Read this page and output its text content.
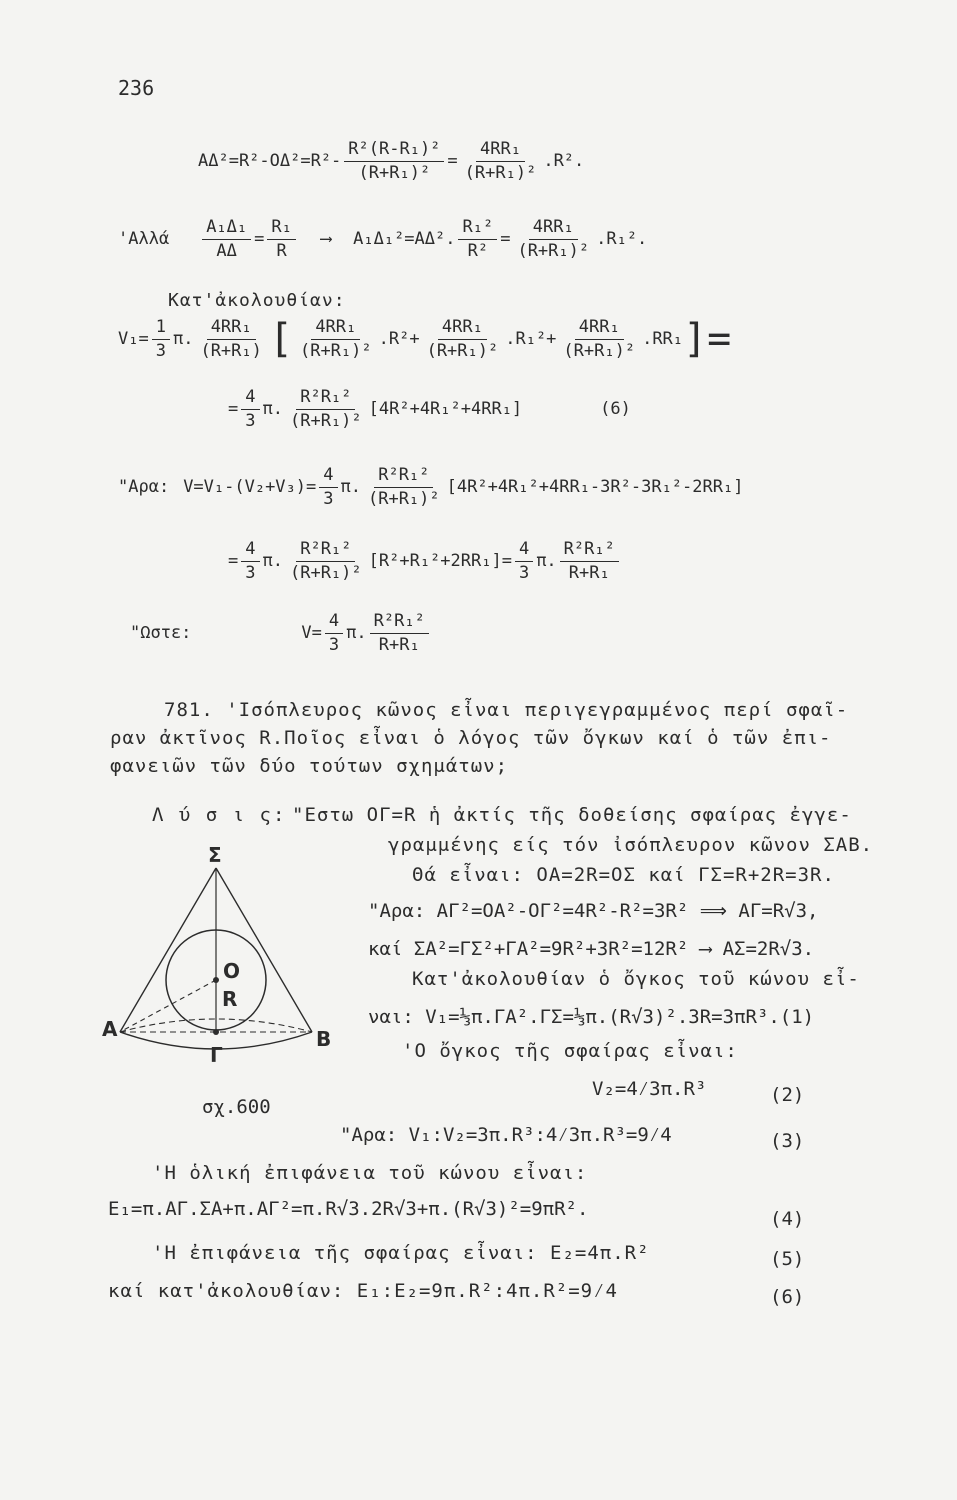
236
$A\Delta^2=R^2-O\Delta^2=R^2- \frac{\text{R²(R-R₁)²}}{\text{(R+R₁)²}} = \frac{\text{4RR₁}}{\text{(R+R₁)²}} .R^2$.
'$A\lambda\lambda ά \frac{\text{Α₁Δ₁}}{A\Delta} = \frac{\text{R₁}}{R}$ ⟶ Α₁Δ₁²=ΑΔ². $\frac{\text{R₁²}}{\text{R²}} = \frac{\text{4RR₁}}{\text{(R+R₁)²}} .R_1^2$.
Κατ'ἀκολουθίαν:
$V_1= \frac{1}{3} \pi$. $\frac{\text{4RR₁}}{\text{(R+R₁)}}$ [ $\frac{\text{4RR₁}}{\text{(R+R₁)²}} .R^2+ \frac{\text{4RR₁}}{\text{(R+R₁)²}} .R_1^2+ \frac{\text{4RR₁}}{\text{(R+R₁)²}} .RR_1$ ]=
= $\frac{4}{3} \pi$. $\frac{\text{R²R₁²}}{\text{(R+R₁)²}} [4R^2+4R_1^2+4RR_1]$	(6)
"Αρα: $V=V_1-(V_2+V_3)= \frac{4}{3} \pi$. $\frac{\text{R²R₁²}}{\text{(R+R₁)²}} [4R^2+4R_1^2+4RR_1-3R^2-3R_1^2-2RR_1]$
= $\frac{4}{3} \pi$. $\frac{\text{R²R₁²}}{\text{(R+R₁)²}} [R^2+R_1^2+2RR_1]= \frac{4}{3} \pi$. $\frac{\text{R²R₁²}}{\text{R+R₁}}$
"Ωστε:	$V= \frac{4}{3} \pi$. $\frac{\text{R²R₁²}}{\text{R+R₁}}$
781. 'Ισόπλευρος κῶνος εἶναι περιγεγραμμένος περί σφαῖ-
ραν ἀκτῖνος R.Ποῖος εἶναι ὁ λόγος τῶν ὄγκων καί ὁ τῶν ἐπι-
φανειῶν τῶν δύο τούτων σχημάτων;
Λ ύ σ ι ς: "Εστω ΟΓ=R ἡ ἀκτίς τῆς δοθείσης σφαίρας ἐγγε-
γραμμένης είς τόν ἰσόπλευρον κῶνον ΣΑΒ.
Θά εἶναι: ΟΑ=2R=ΟΣ καί ΓΣ=R+2R=3R.
"Αρα: ΑΓ²=ΟΑ²-ΟΓ²=4R²-R²=3R² ⟹ ΑΓ=R√3,
καί ΣΑ²=ΓΣ²+ΓΑ²=9R²+3R²=12R² ⟶ ΑΣ=2R√3.
Κατ'ἀκολουθίαν ὁ ὄγκος τοῦ κώνου εἶ-
ναι: V₁=⅓π.ΓΑ².ΓΣ=⅓π.(R√3)².3R=3πR³.(1)
'Ο ὄγκος τῆς σφαίρας εἶναι:
V₂=4⁄3π.R³	(2)
"Αρα: V₁:V₂=3π.R³:4⁄3π.R³=9⁄4	(3)
'Η ὁλική ἐπιφάνεια τοῦ κώνου εἶναι:
Ε₁=π.ΑΓ.ΣΑ+π.ΑΓ²=π.R√3.2R√3+π.(R√3)²=9πR².	(4)
'Η ἐπιφάνεια τῆς σφαίρας εἶναι: Ε₂=4π.R²	(5)
καί κατ'ἀκολουθίαν: Ε₁:Ε₂=9π.R²:4π.R²=9⁄4	(6)
Σ
O
R
A
Γ
B
σχ.600
